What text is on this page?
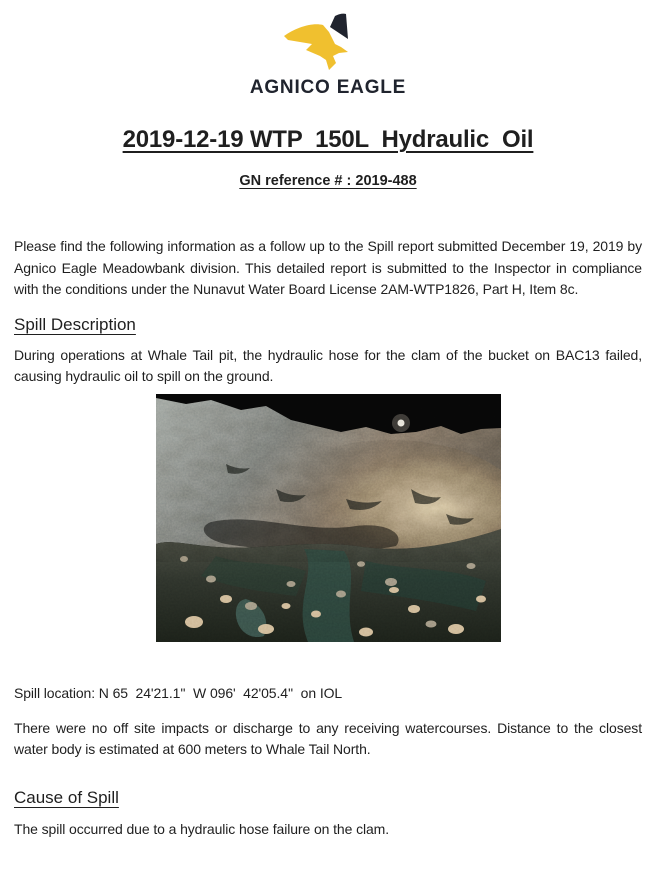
AGNICO EAGLE
2019-12-19 WTP  150L  Hydraulic  Oil
GN reference # : 2019-488

Please find the following information as a follow up to the Spill report submitted December 19, 2019 by Agnico Eagle Meadowbank division. This detailed report is submitted to the Inspector in compliance with the conditions under the Nunavut Water Board License 2AM-WTP1826, Part H, Item 8c.

Spill Description

During operations at Whale Tail pit, the hydraulic hose for the clam of the bucket on BAC13 failed, causing hydraulic oil to spill on the ground.

Spill location: N 65  24'21.1''  W 096'  42'05.4''  on IOL

There were no off site impacts or discharge to any receiving watercourses. Distance to the closest water body is estimated at 600 meters to Whale Tail North.

Cause of Spill

The spill occurred due to a hydraulic hose failure on the clam.
